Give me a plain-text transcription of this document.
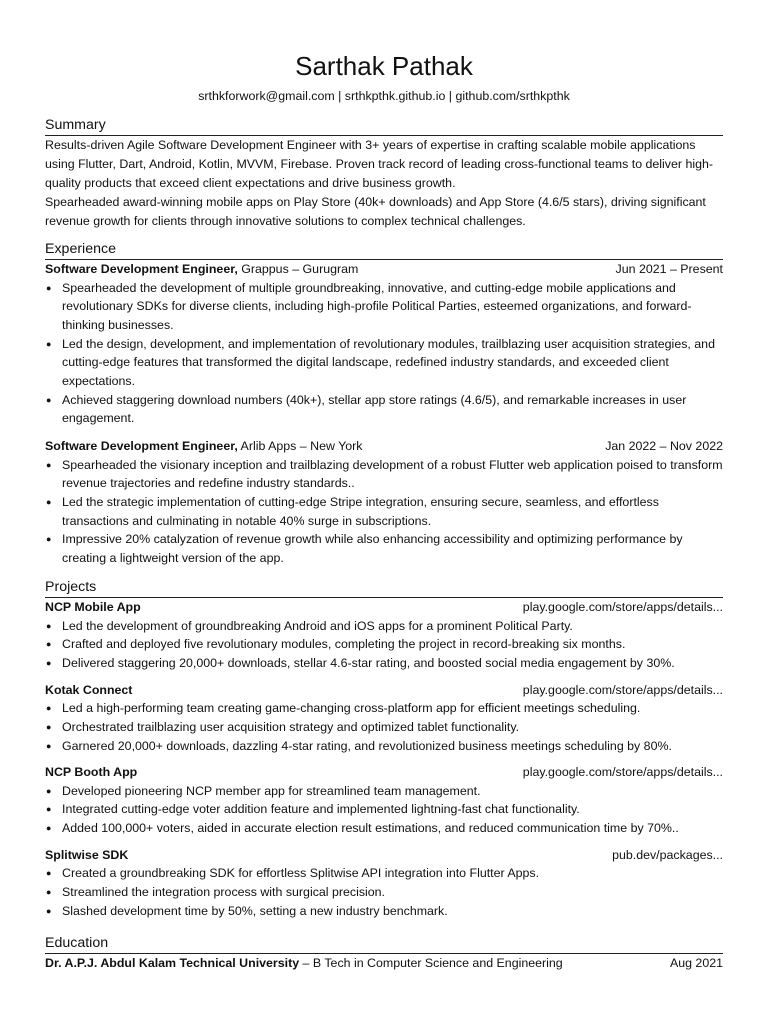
Sarthak Pathak
srthkforwork@gmail.com | srthkpthk.github.io | github.com/srthkpthk
Summary

Results-driven Agile Software Development Engineer with 3+ years of expertise in crafting scalable mobile applications using Flutter, Dart, Android, Kotlin, MVVM, Firebase. Proven track record of leading cross-functional teams to deliver high-quality products that exceed client expectations and drive business growth.

Spearheaded award-winning mobile apps on Play Store (40k+ downloads) and App Store (4.6/5 stars), driving significant revenue growth for clients through innovative solutions to complex technical challenges.

Experience
Software Development Engineer, Grappus – Gurugram	Jun 2021 – Present
● Spearheaded the development of multiple groundbreaking, innovative, and cutting-edge mobile applications and revolutionary SDKs for diverse clients, including high-profile Political Parties, esteemed organizations, and forward-thinking businesses.
● Led the design, development, and implementation of revolutionary modules, trailblazing user acquisition strategies, and cutting-edge features that transformed the digital landscape, redefined industry standards, and exceeded client expectations.
● Achieved staggering download numbers (40k+), stellar app store ratings (4.6/5), and remarkable increases in user engagement.
Software Development Engineer, Arlib Apps – New York	Jan 2022 – Nov 2022
● Spearheaded the visionary inception and trailblazing development of a robust Flutter web application poised to transform revenue trajectories and redefine industry standards..
● Led the strategic implementation of cutting-edge Stripe integration, ensuring secure, seamless, and effortless transactions and culminating in notable 40% surge in subscriptions.
● Impressive 20% catalyzation of revenue growth while also enhancing accessibility and optimizing performance by creating a lightweight version of the app.
Projects
NCP Mobile App	play.google.com/store/apps/details...
● Led the development of groundbreaking Android and iOS apps for a prominent Political Party.
● Crafted and deployed five revolutionary modules, completing the project in record-breaking six months.
● Delivered staggering 20,000+ downloads, stellar 4.6-star rating, and boosted social media engagement by 30%.
Kotak Connect	play.google.com/store/apps/details...
● Led a high-performing team creating game-changing cross-platform app for efficient meetings scheduling.
● Orchestrated trailblazing user acquisition strategy and optimized tablet functionality.
● Garnered 20,000+ downloads, dazzling 4-star rating, and revolutionized business meetings scheduling by 80%.
NCP Booth App	play.google.com/store/apps/details...
● Developed pioneering NCP member app for streamlined team management.
● Integrated cutting-edge voter addition feature and implemented lightning-fast chat functionality.
● Added 100,000+ voters, aided in accurate election result estimations, and reduced communication time by 70%..
Splitwise SDK	pub.dev/packages...
● Created a groundbreaking SDK for effortless Splitwise API integration into Flutter Apps.
● Streamlined the integration process with surgical precision.
● Slashed development time by 50%, setting a new industry benchmark.
Education
Dr. A.P.J. Abdul Kalam Technical University – B Tech in Computer Science and Engineering	Aug 2021
